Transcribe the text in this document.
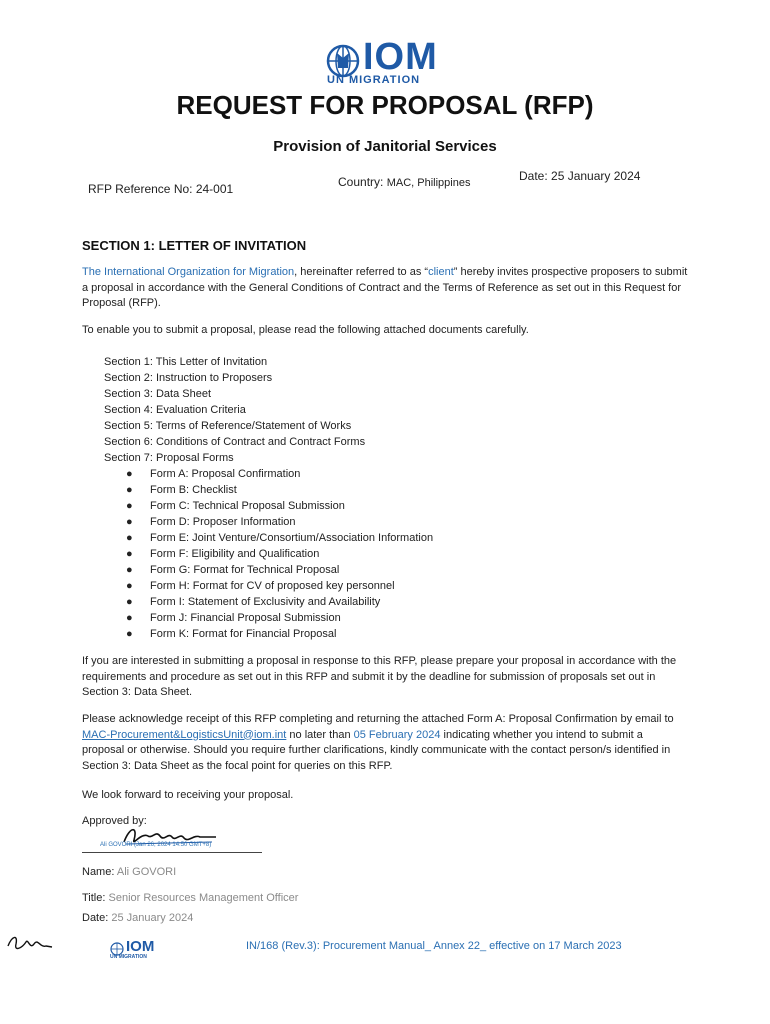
IOM
UN MIGRATION
REQUEST FOR PROPOSAL (RFP)
Provision of Janitorial Services
RFP Reference No: 24-001	Country: MAC, Philippines	Date: 25 January 2024
SECTION 1: LETTER OF INVITATION
The International Organization for Migration, hereinafter referred to as “client” hereby invites prospective proposers to submit a proposal in accordance with the General Conditions of Contract and the Terms of Reference as set out in this Request for Proposal (RFP).
To enable you to submit a proposal, please read the following attached documents carefully.
Section 1: This Letter of Invitation
Section 2: Instruction to Proposers
Section 3: Data Sheet
Section 4: Evaluation Criteria
Section 5: Terms of Reference/Statement of Works
Section 6: Conditions of Contract and Contract Forms
Section 7: Proposal Forms
● Form A: Proposal Confirmation
● Form B: Checklist
● Form C: Technical Proposal Submission
● Form D: Proposer Information
● Form E: Joint Venture/Consortium/Association Information
● Form F: Eligibility and Qualification
● Form G: Format for Technical Proposal
● Form H: Format for CV of proposed key personnel
● Form I: Statement of Exclusivity and Availability
● Form J: Financial Proposal Submission
● Form K: Format for Financial Proposal
If you are interested in submitting a proposal in response to this RFP, please prepare your proposal in accordance with the requirements and procedure as set out in this RFP and submit it by the deadline for submission of proposals set out in Section 3: Data Sheet.
Please acknowledge receipt of this RFP completing and returning the attached Form A: Proposal Confirmation by email to MAC-Procurement&LogisticsUnit@iom.int no later than 05 February 2024 indicating whether you intend to submit a proposal or otherwise. Should you require further clarifications, kindly communicate with the contact person/s identified in Section 3: Data Sheet as the focal point for queries on this RFP.
We look forward to receiving your proposal.
Approved by:
Ali GOVORI (Jan 26, 2024 14:50 GMT+8)
Name: Ali GOVORI
Title: Senior Resources Management Officer
Date: 25 January 2024
IOM
UN MIGRATION
IN/168 (Rev.3): Procurement Manual_ Annex 22_ effective on 17 March 2023
